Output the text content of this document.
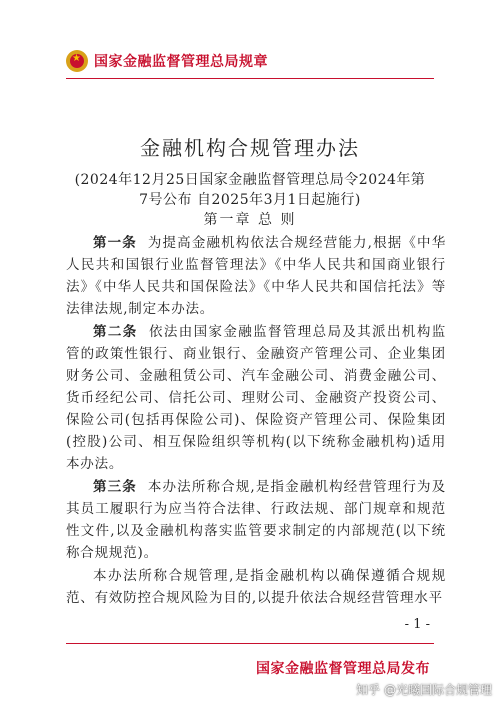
★
国家金融监督管理总局规章
金融机构合规管理办法
(2024年12月25日国家金融监督管理总局令2024年第7号公布 自2025年3月1日起施行)
第一章 总 则

第一条 为提高金融机构依法合规经营能力,根据《中华人民共和国银行业监督管理法》《中华人民共和国商业银行法》《中华人民共和国保险法》《中华人民共和国信托法》等法律法规,制定本办法。

第二条 依法由国家金融监督管理总局及其派出机构监管的政策性银行、商业银行、金融资产管理公司、企业集团财务公司、金融租赁公司、汽车金融公司、消费金融公司、货币经纪公司、信托公司、理财公司、金融资产投资公司、保险公司(包括再保险公司)、保险资产管理公司、保险集团(控股)公司、相互保险组织等机构(以下统称金融机构)适用本办法。

第三条 本办法所称合规,是指金融机构经营管理行为及其员工履职行为应当符合法律、行政法规、部门规章和规范性文件,以及金融机构落实监管要求制定的内部规范(以下统称合规规范)。

本办法所称合规管理,是指金融机构以确保遵循合规规范、有效防控合规风险为目的,以提升依法合规经营管理水平

- 1 -
国家金融监督管理总局发布
知乎 @光曦国际合规管理
